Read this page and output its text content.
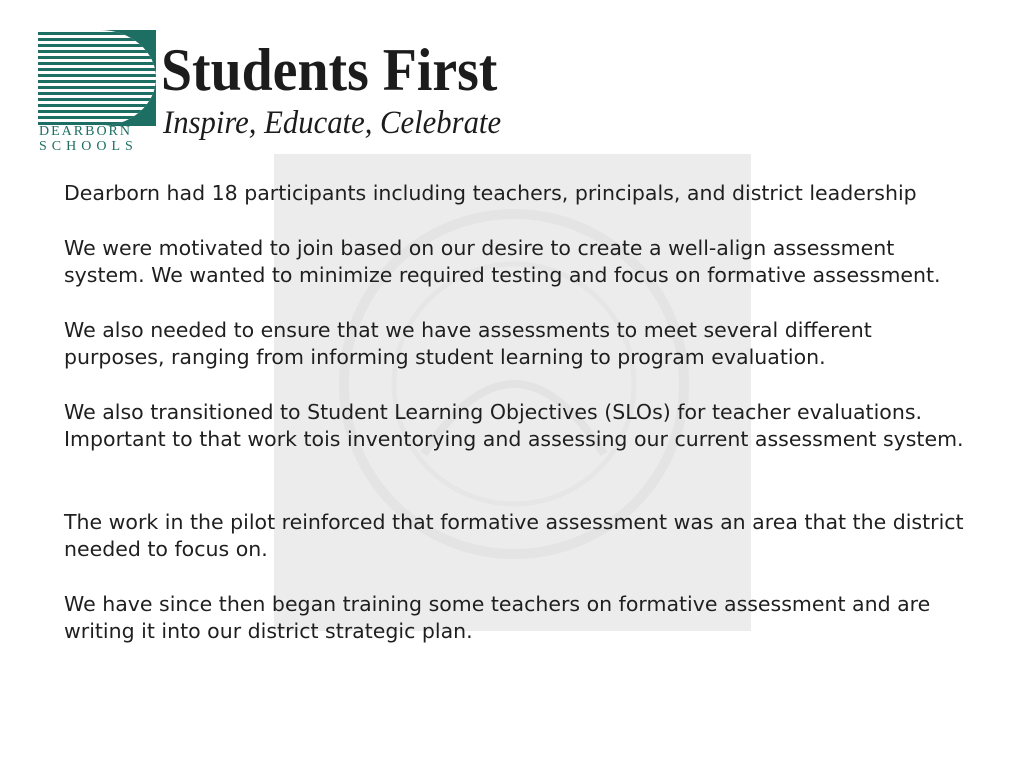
DEARBORN
SCHOOLS
Students First
Inspire, Educate, Celebrate

Dearborn had 18 participants including teachers, principals, and district leadership

We were motivated to join based on our desire to create a well-align assessment system. We wanted to minimize required testing and focus on formative assessment.

We also needed to ensure that we have assessments to meet several different purposes, ranging from informing student learning to program evaluation.

We also transitioned to Student Learning Objectives (SLOs) for teacher evaluations. Important to that work tois inventorying and assessing our current assessment system.

The work in the pilot reinforced that formative assessment was an area that the district needed to focus on.

We have since then began training some teachers on formative assessment and are writing it into our district strategic plan.
